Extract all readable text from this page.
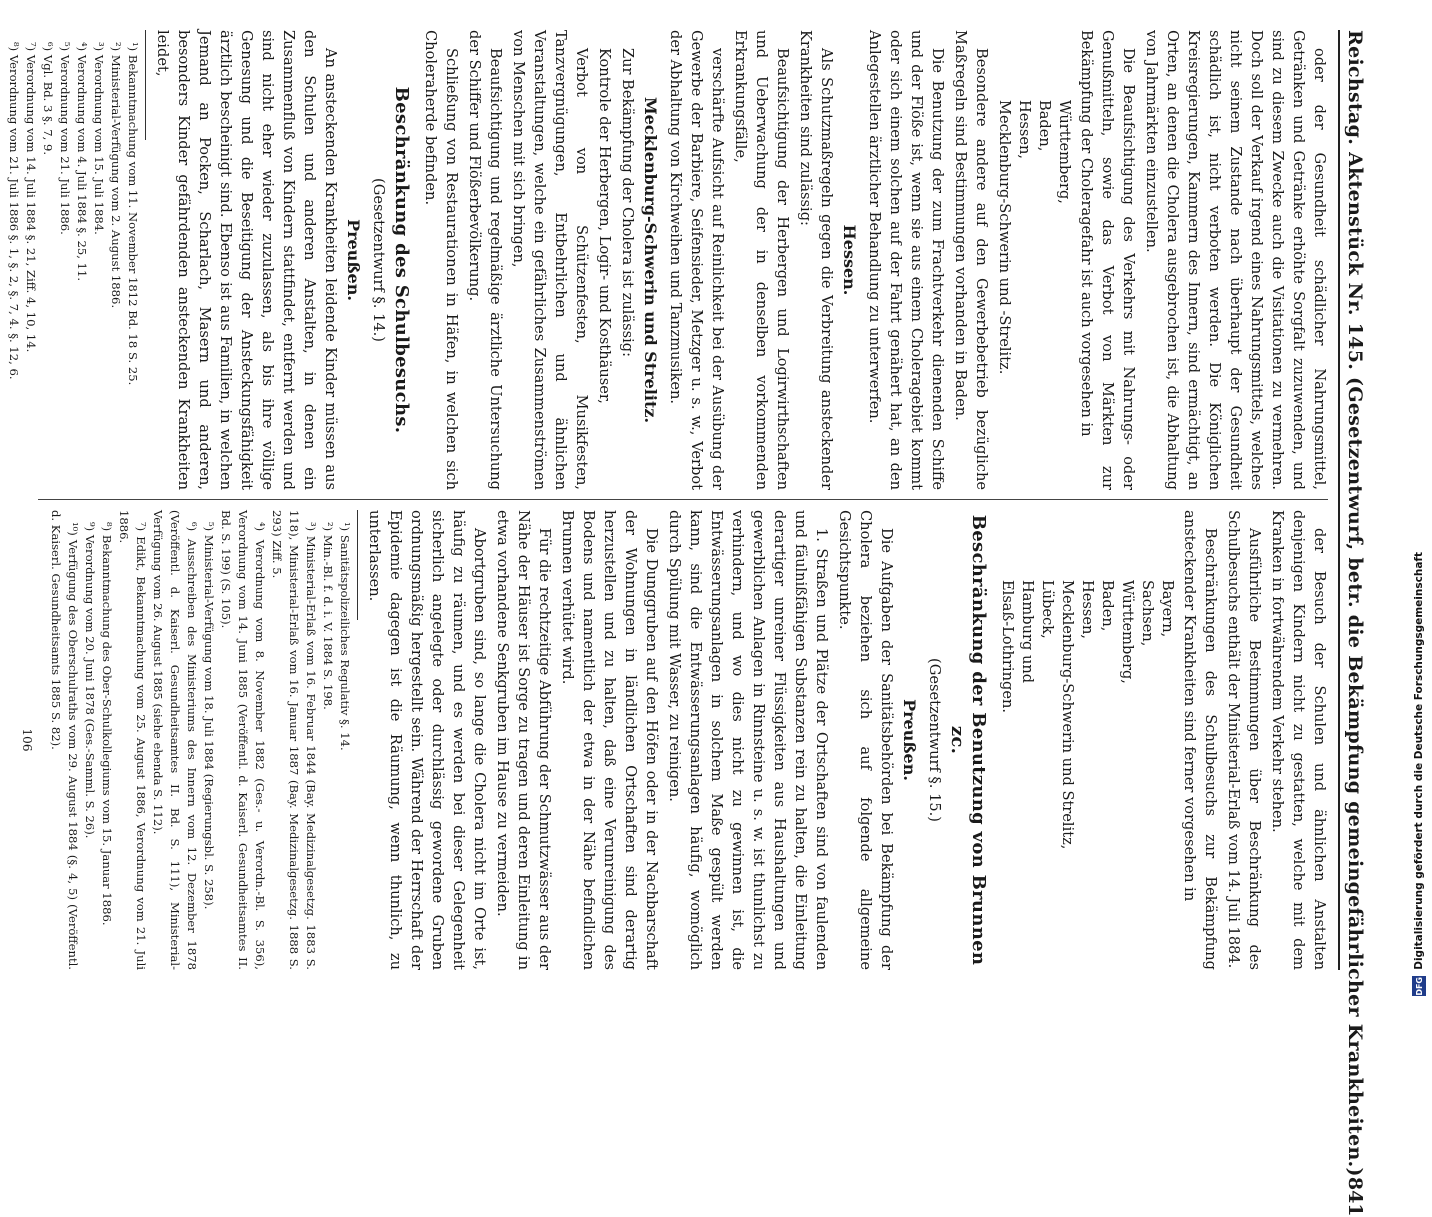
Reichstag. Aktenstück Nr. 145. (Gesetzentwurf, betr. die Bekämpfung gemeingefährlicher Krankheiten.)
841

oder der Gesundheit schädlicher Nahrungsmittel, Getränken und Getränke erhöhte Sorgfalt zuzuwenden, und sind zu diesem Zwecke auch die Visitationen zu vermehren. Doch soll der Verkauf irgend eines Nahrungsmittels, welches nicht seinem Zustande nach überhaupt der Gesundheit schädlich ist, nicht verboten werden. Die Königlichen Kreisregierungen, Kammern des Innern, sind ermächtigt, an Orten, an denen die Cholera ausgebrochen ist, die Abhaltung von Jahrmärkten einzustellen.

Die Beaufsichtigung des Verkehrs mit Nahrungs- oder Genußmitteln, sowie das Verbot von Märkten zur Bekämpfung der Choleragefahr ist auch vorgesehen in

Württemberg,
Baden,
Hessen,
Mecklenburg-Schwerin und -Strelitz.

Besondere andere auf den Gewerbebetrieb bezügliche Maßregeln sind Bestimmungen vorhanden in Baden.

Die Benutzung der zum Frachtverkehr dienenden Schiffe und der Flöße ist, wenn sie aus einem Choleragebiet kommt oder sich einem solchen auf der Fahrt genähert hat, an den Anlegestellen ärztlicher Behandlung zu unterwerfen.

Hessen.

Als Schutzmaßregeln gegen die Verbreitung ansteckender Krankheiten sind zulässig:

Beaufsichtigung der Herbergen und Logirwirthschaften und Ueberwachung der in denselben vorkommenden Erkrankungsfälle,

verschärfte Aufsicht auf Reinlichkeit bei der Ausübung der Gewerbe der Barbiere, Seifensieder, Metzger u. s. w., Verbot der Abhaltung von Kirchweihen und Tanzmusiken.

Mecklenburg-Schwerin und Strelitz.

Zur Bekämpfung der Cholera ist zulässig:

Kontrole der Herbergen, Logir- und Kosthäuser,

Verbot von Schützenfesten, Musikfesten, Tanzvergnügungen, Entbehrlichen und ähnlichen Veranstaltungen, welche ein gefährliches Zusammenströmen von Menschen mit sich bringen,

Beaufsichtigung und regelmäßige ärztliche Untersuchung der Schiffer und Flößerbevölkerung.

Schließung von Restaurationen in Häfen, in welchen sich Choleraherde befinden.

Beschränkung des Schulbesuchs.
(Gesetzentwurf §. 14.)
Preußen.

An ansteckenden Krankheiten leidende Kinder müssen aus den Schulen und anderen Anstalten, in denen ein Zusammenfluß von Kindern stattfindet, entfernt werden und sind nicht eher wieder zuzulassen, als bis ihre völlige Genesung und die Beseitigung der Ansteckungsfähigkeit ärztlich bescheinigt sind. Ebenso ist aus Familien, in welchen Jemand an Pocken, Scharlach, Masern und anderen, besonders Kinder gefährdenden ansteckenden Krankheiten leidet,

¹) Bekanntmachung vom 11. November 1812 Bd. 18 S. 25.
²) Ministerial-Verfügung vom 2. August 1886.
³) Verordnung vom 15. Juli 1884.
⁴) Verordnung vom 4. Juli 1884 §. 25, 11.
⁵) Verordnung vom 21. Juli 1886.
⁶) Vgl. Bd. 3 §. 7, 9.
⁷) Verordnung vom 14. Juli 1884 §. 21, Ziff. 4, 10, 14.
⁸) Verordnung vom 21. Juli 1886 §. 1, §. 2, §. 7, 4. §. 12, 6.

der Besuch der Schulen und ähnlichen Anstalten denjenigen Kindern nicht zu gestatten, welche mit dem Kranken in fortwährendem Verkehr stehen.

Ausführliche Bestimmungen über Beschränkung des Schulbesuchs enthält der Ministerial-Erlaß vom 14. Juli 1884.

Beschränkungen des Schulbesuchs zur Bekämpfung ansteckender Krankheiten sind ferner vorgesehen in

Bayern,
Sachsen,
Württemberg,
Baden,
Hessen,
Mecklenburg-Schwerin und Strelitz,
Lübeck,
Hamburg und
Elsaß-Lothringen.
Beschränkung der Benutzung von Brunnen zc.
(Gesetzentwurf §. 15.)
Preußen.

Die Aufgaben der Sanitätsbehörden bei Bekämpfung der Cholera beziehen sich auf folgende allgemeine Gesichtspunkte.

1. Straßen und Plätze der Ortschaften sind von faulenden und fäulnißfähigen Substanzen rein zu halten, die Einleitung derartiger unreiner Flüssigkeiten aus Haushaltungen und gewerblichen Anlagen in Rinnsteine u. s. w. ist thunlichst zu verhindern, und wo dies nicht zu gewinnen ist, die Entwässerungsanlagen in solchem Maße gespült werden kann, sind die Entwässerungsanlagen häufig, womöglich durch Spülung mit Wasser, zu reinigen.

Die Dunggruben auf den Höfen oder in der Nachbarschaft der Wohnungen in ländlichen Ortschaften sind derartig herzustellen und zu halten, daß eine Verunreinigung des Bodens und namentlich der etwa in der Nähe befindlichen Brunnen verhütet wird.

Für die rechtzeitige Abführung der Schmutzwässer aus der Nähe der Häuser ist Sorge zu tragen und deren Einleitung in etwa vorhandene Senkgruben im Hause zu vermeiden.

Abortgruben sind, so lange die Cholera nicht im Orte ist, häufig zu räumen, und es werden bei dieser Gelegenheit sicherlich angelegte oder durchlässig gewordene Gruben ordnungsmäßig hergestellt sein. Während der Herrschaft der Epidemie dagegen ist die Räumung, wenn thunlich, zu unterlassen.

¹) Sanitätspolizeiliches Regulativ §. 14.
²) Min.-Bl. f. d. i. V. 1884 S. 198.
³) Ministerial-Erlaß vom 16. Februar 1844 (Bay. Medizinalgesetzg. 1883 S. 118), Ministerial-Erlaß vom 16. Januar 1887 (Bay. Medizinalgesetzg. 1888 S. 293) Ziff. 5.
⁴) Verordnung vom 8. November 1882 (Ges.- u. Verordn.-Bl. S. 356), Verordnung vom 14. Juni 1885 (Veröffentl. d. Kaiserl. Gesundheitsamtes II. Bd. S. 199) (S. 105).
⁵) Ministerial-Verfügung vom 18. Juli 1884 (Regierungsbl. S. 258).
⁶) Ausschreiben des Ministeriums des Innern vom 12. Dezember 1878 (Veröffentl. d. Kaiserl. Gesundheitsamtes II. Bd. S. 111), Ministerial-Verfügung vom 26. August 1885 (siehe ebenda S. 112).
⁷) Edikt, Bekanntmachung vom 25. August 1886, Verordnung vom 21. Juli 1886.
⁸) Bekanntmachung des Ober-Schulkollegiums vom 15. Januar 1886.
⁹) Verordnung vom 20. Juni 1878 (Ges.-Samml. S. 26).
¹⁰) Verfügung des Oberschulraths vom 29. August 1884 (§. 4, 5) (Veröffentl. d. Kaiserl. Gesundheitsamts 1885 S. 82).
106	Digitalisierung gefördert durch die Deutsche Forschungsgemeinschaft
DFG
